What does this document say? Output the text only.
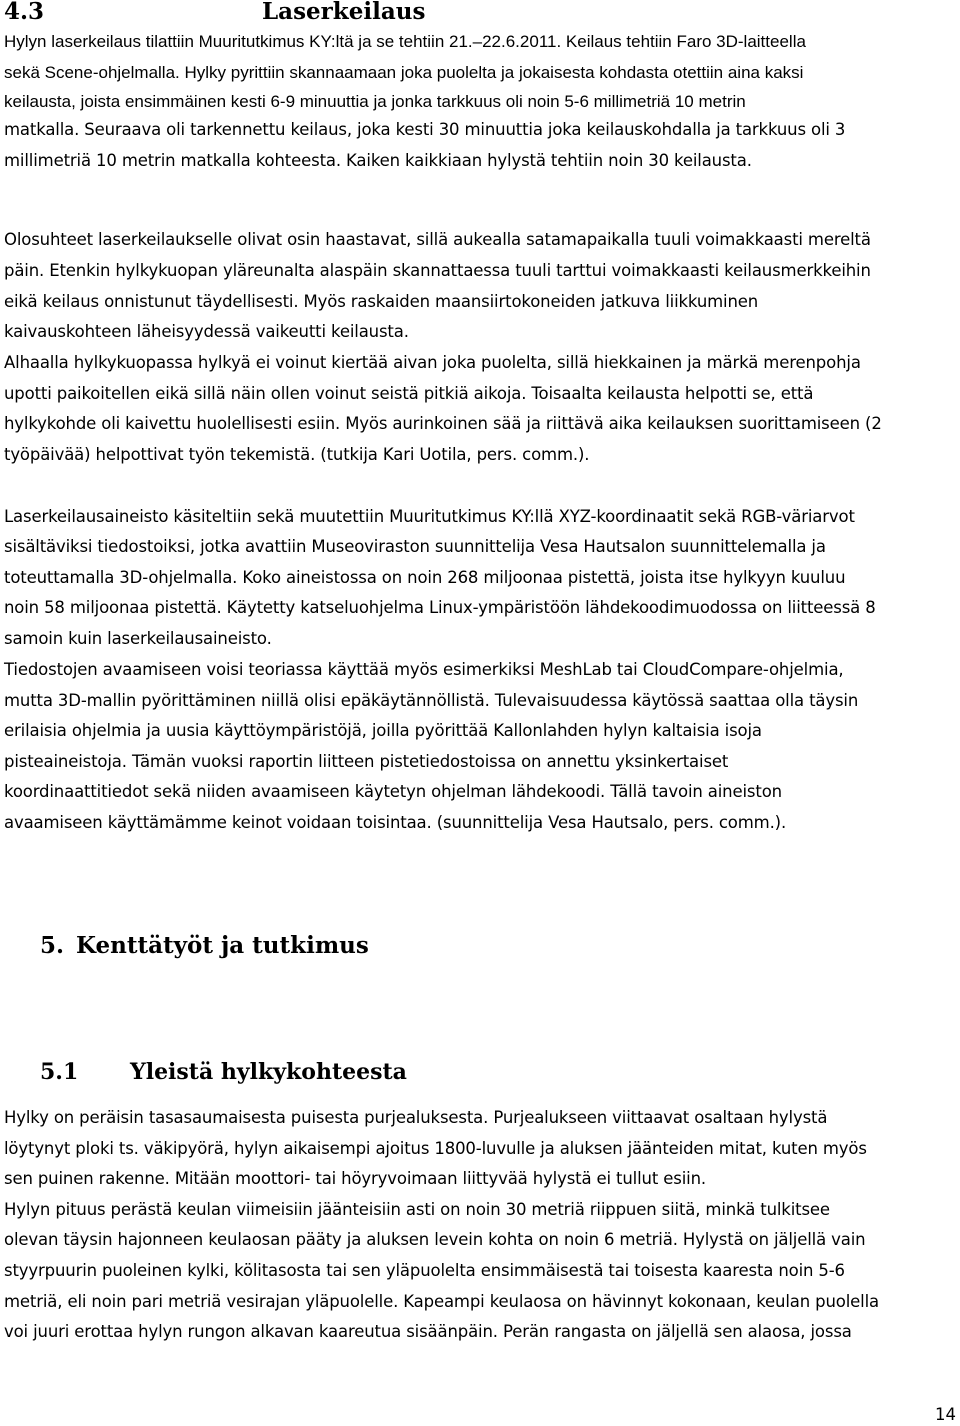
4.3	Laserkeilaus
Hylyn laserkeilaus tilattiin Muuritutkimus KY:ltä ja se tehtiin 21.–22.6.2011. Keilaus tehtiin Faro 3D-laitteella
sekä Scene-ohjelmalla. Hylky pyrittiin skannaamaan joka puolelta ja jokaisesta kohdasta otettiin aina kaksi
keilausta, joista ensimmäinen kesti 6-9 minuuttia ja jonka tarkkuus oli noin 5-6 millimetriä 10 metrin
matkalla. Seuraava oli tarkennettu keilaus, joka kesti 30 minuuttia joka keilauskohdalla ja tarkkuus oli 3
millimetriä 10 metrin matkalla kohteesta. Kaiken kaikkiaan hylystä tehtiin noin 30 keilausta.
Olosuhteet laserkeilaukselle olivat osin haastavat, sillä aukealla satamapaikalla tuuli voimakkaasti mereltä
päin. Etenkin hylkykuopan yläreunalta alaspäin skannattaessa tuuli tarttui voimakkaasti keilausmerkkeihin
eikä keilaus onnistunut täydellisesti. Myös raskaiden maansiirtokoneiden jatkuva liikkuminen
kaivauskohteen läheisyydessä vaikeutti keilausta.
Alhaalla hylkykuopassa hylkyä ei voinut kiertää aivan joka puolelta, sillä hiekkainen ja märkä merenpohja
upotti paikoitellen eikä sillä näin ollen voinut seistä pitkiä aikoja. Toisaalta keilausta helpotti se, että
hylkykohde oli kaivettu huolellisesti esiin. Myös aurinkoinen sää ja riittävä aika keilauksen suorittamiseen (2
työpäivää) helpottivat työn tekemistä. (tutkija Kari Uotila, pers. comm.).
Laserkeilausaineisto käsiteltiin sekä muutettiin Muuritutkimus KY:llä XYZ-koordinaatit sekä RGB-väriarvot
sisältäviksi tiedostoiksi, jotka avattiin Museoviraston suunnittelija Vesa Hautsalon suunnittelemalla ja
toteuttamalla 3D-ohjelmalla. Koko aineistossa on noin 268 miljoonaa pistettä, joista itse hylkyyn kuuluu
noin 58 miljoonaa pistettä. Käytetty katseluohjelma Linux-ympäristöön lähdekoodimuodossa on liitteessä 8
samoin kuin laserkeilausaineisto.
Tiedostojen avaamiseen voisi teoriassa käyttää myös esimerkiksi MeshLab tai CloudCompare-ohjelmia,
mutta 3D-mallin pyörittäminen niillä olisi epäkäytännöllistä. Tulevaisuudessa käytössä saattaa olla täysin
erilaisia ohjelmia ja uusia käyttöympäristöjä, joilla pyörittää Kallonlahden hylyn kaltaisia isoja
pisteaineistoja. Tämän vuoksi raportin liitteen pistetiedostoissa on annettu yksinkertaiset
koordinaattitiedot sekä niiden avaamiseen käytetyn ohjelman lähdekoodi. Tällä tavoin aineiston
avaamiseen käyttämämme keinot voidaan toisintaa. (suunnittelija Vesa Hautsalo, pers. comm.).
5. Kenttätyöt ja tutkimus
5.1 Yleistä hylkykohteesta
Hylky on peräisin tasasaumaisesta puisesta purjealuksesta. Purjealukseen viittaavat osaltaan hylystä
löytynyt ploki ts. väkipyörä, hylyn aikaisempi ajoitus 1800-luvulle ja aluksen jäänteiden mitat, kuten myös
sen puinen rakenne. Mitään moottori- tai höyryvoimaan liittyvää hylystä ei tullut esiin.
Hylyn pituus perästä keulan viimeisiin jäänteisiin asti on noin 30 metriä riippuen siitä, minkä tulkitsee
olevan täysin hajonneen keulaosan pääty ja aluksen levein kohta on noin 6 metriä. Hylystä on jäljellä vain
styyrpuurin puoleinen kylki, kölitasosta tai sen yläpuolelta ensimmäisestä tai toisesta kaaresta noin 5-6
metriä, eli noin pari metriä vesirajan yläpuolelle. Kapeampi keulaosa on hävinnyt kokonaan, keulan puolella
voi juuri erottaa hylyn rungon alkavan kaareutua sisäänpäin. Perän rangasta on jäljellä sen alaosa, jossa
14
